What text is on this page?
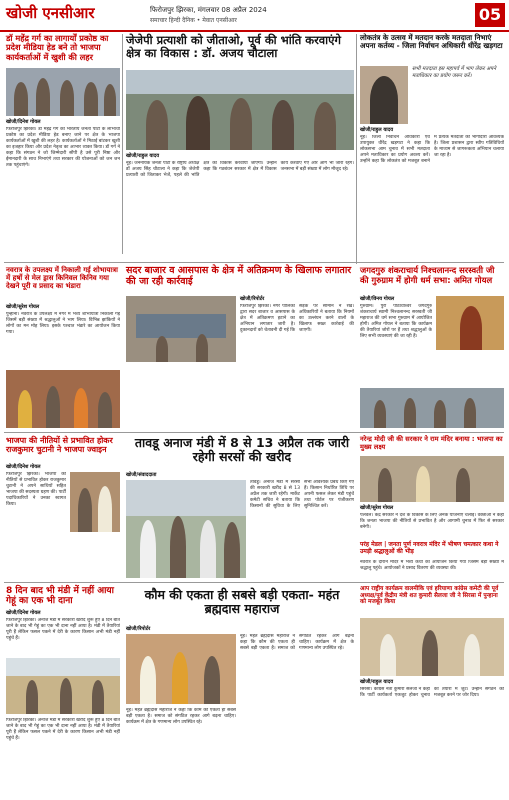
खोजी एनसीआर	फिरोजपुर झिरका, मंगलवार 08 अप्रैल 2024
समाचार हिन्दी दैनिक • मेवात एनसीआर	05
डॉ महेंद्र गर्ग का लागार्यों प्रकोष्ठ का प्रदेश मीडिया हेड बने तो भाजपा कार्यकर्ताओं में खुशी की लहर
खोजी/दिनेश गोयल
फिरोजपुर झिरका। डॉ महेंद्र गर्ग को भारतीय जनता पार्टी के लाभार्थी प्रकोष्ठ का प्रदेश मीडिया हेड बनाए जाने पर क्षेत्र के भाजपा कार्यकर्ताओं में खुशी की लहर है। कार्यकर्ताओं ने मिठाई बांटकर खुशी का इजहार किया और प्रदेश नेतृत्व का आभार व्यक्त किया। डॉ गर्ग ने कहा कि संगठन ने जो जिम्मेदारी सौंपी है उसे पूरी निष्ठा और ईमानदारी के साथ निभाएंगे तथा सरकार की योजनाओं को जन जन तक पहुंचाएंगे।
जेजेपी प्रत्याशी को जीताओ, पूर्व की भांति करवाएंगे क्षेत्र का विकास : डॉ. अजय चौटाला
खोजी/राहुल यादव
नूंह। जननायक जनता पार्टी के राष्ट्रीय अध्यक्ष डॉ अजय सिंह चौटाला ने कहा कि जेजेपी प्रत्याशी को जिताकर भेजें, पहले की भांति क्षेत्र का विकास करवाया जाएगा। उन्होंने कहा कि गठबंधन सरकार में क्षेत्र में विकास कार्य करवाए गए और आगे भी जारी रहेंगे। जनसभा में बड़ी संख्या में लोग मौजूद रहे।
लोकतंत्र के उत्सव में मतदान करके मतदाता निभाएं अपना कर्तव्य - जिला निर्वाचन अधिकारी धीरेंद्र खड़गटा
सभी मतदाता इस महापर्व में भाग लेकर अपने मताधिकार का प्रयोग जरूर करें।
खोजी/राहुल यादव
नूंह। जिला निर्वाचन अधिकारी एवं उपायुक्त धीरेंद्र खड़गटा ने कहा कि लोकसभा आम चुनाव में सभी मतदाता अपने मताधिकार का प्रयोग अवश्य करें। उन्होंने कहा कि लोकतंत्र को मजबूत बनाने में प्रत्येक मतदाता की भागीदारी आवश्यक है। जिला प्रशासन द्वारा स्वीप गतिविधियों के माध्यम से जागरूकता अभियान चलाया जा रहा है।
सदर बाजार व आसपास के क्षेत्र में अतिक्रमण के खिलाफ लगातार की जा रही कार्रवाई
खोजी/रिपोर्टर
फिरोजपुर झिरका। नगर पालिका द्वारा सदर बाजार व आसपास के क्षेत्र में अतिक्रमण हटाने का अभियान लगातार जारी है। दुकानदारों को चेतावनी दी गई कि सड़क पर सामान न रखें। अधिकारियों ने बताया कि नियमों का उल्लंघन करने वालों के खिलाफ सख्त कार्रवाई की जाएगी।
नवरात्र के उपलक्ष्य में निकाली गई शोभायात्रा में हर्षो से मेल ड्रास किनिवल किनिव गया देखने पूरी व प्रसाद का भंडारा
खोजी/सुरेश गोयल
पुन्हाना। नवरात्र के उपलक्ष्य में नगर में भव्य शोभायात्रा निकाली गई जिसमें बड़ी संख्या में श्रद्धालुओं ने भाग लिया। विभिन्न झांकियों ने लोगों का मन मोह लिया। इसके पश्चात भंडारे का आयोजन किया गया।
जगदगुरु शंकराचार्य निश्चलानन्द सरस्वती जी की गुरुग्राम में होगी धर्म सभा: अमित गोयल
खोजी/विनय गोयल
गुरुग्राम। पुरी पीठाधीश्वर जगदगुरु शंकराचार्य स्वामी निश्चलानन्द सरस्वती जी महाराज की धर्म सभा गुरुग्राम में आयोजित होगी। अमित गोयल ने बताया कि कार्यक्रम की तैयारियां जोरों पर हैं तथा श्रद्धालुओं के लिए सभी व्यवस्थाएं की जा रही हैं।
तावडू अनाज मंडी में 8 से 13 अप्रैल तक जारी रहेगी सरसों की खरीद
खोजी/संवाददाता
तावडू। अनाज मंडी में सरसों की सरकारी खरीद 8 से 13 अप्रैल तक जारी रहेगी। मार्केट कमेटी सचिव ने बताया कि किसानों की सुविधा के लिए सभी आवश्यक प्रबंध किए गए हैं। किसान निर्धारित तिथि पर अपनी फसल लेकर मंडी पहुंचें तथा पोर्टल पर पंजीकरण सुनिश्चित करें।
भाजपा की नीतियों से प्रभावित होकर राजकुमार चुटानी ने भाजपा ज्वाइन
खोजी/दिनेश गोयल
फिरोजपुर झिरका। भाजपा की नीतियों से प्रभावित होकर राजकुमार चुटानी ने अपने साथियों सहित भाजपा की सदस्यता ग्रहण की। पार्टी पदाधिकारियों ने उनका स्वागत किया।
नरेन्द्र मोदी जी की सरकार ने राम मंदिर बनाया : भाजपा का मुख्य लक्ष्य
खोजी/सुरेश गोयल
पलवल। केंद्र सरकार ने देश के विकास के लिए अनेक योजनाएं चलाईं। वक्ताओं ने कहा कि जनता भाजपा की नीतियों से प्रभावित है और आगामी चुनाव में फिर से सरकार बनेगी।
परंह मेडल | जनता पूर्ण नवरात्र मंदिर में भीषण चमत्कार कथा ने उमड़ी श्रद्धालुओं की भीड़
नवरात्र के दौरान मंदिर में भव्य कथा का आयोजन किया गया जिसमें बड़ी संख्या में श्रद्धालु पहुंचे। आयोजकों ने प्रसाद वितरण की व्यवस्था की।
8 दिन बाद भी मंडी में नहीं आया गेहूं का एक भी दाना
खोजी/दिनेश गोयल
फिरोजपुर झिरका। अनाज मंडी में सरकारी खरीद शुरू हुए 8 दिन बीत जाने के बाद भी गेहूं का एक भी दाना नहीं आया है। मंडी में तैयारियां पूरी हैं लेकिन फसल पकने में देरी के कारण किसान अभी मंडी नहीं पहुंचे हैं।
फिरोजपुर झिरका। अनाज मंडी में सरकारी खरीद शुरू हुए 8 दिन बीत जाने के बाद भी गेहूं का एक भी दाना नहीं आया है। मंडी में तैयारियां पूरी हैं लेकिन फसल पकने में देरी के कारण किसान अभी मंडी नहीं पहुंचे हैं।
कौम की एकता ही सबसे बड़ी एकता- महंत ब्रह्मदास महाराज
खोजी/रिपोर्टर
नूंह। महंत ब्रह्मदास महाराज ने कहा कि कौम की एकता ही सबसे बड़ी एकता है। समाज को संगठित रहकर आगे बढ़ना चाहिए। कार्यक्रम में क्षेत्र के गणमान्य लोग उपस्थित रहे।
नूंह। महंत ब्रह्मदास महाराज ने कहा कि कौम की एकता ही सबसे बड़ी एकता है। समाज को संगठित रहकर आगे बढ़ना चाहिए। कार्यक्रम में क्षेत्र के गणमान्य लोग उपस्थित रहे।
आप राष्ट्रीय कार्यक्रम वालमीकि एवं हरियाणा कांग्रेस कमेटी की पूर्व अध्यक्ष/पूर्व केंद्रीय मंत्री शत कुमारी सैलजा जी ने सिरसा में पुन्हाना को मजबूत किया
खोजी/राहुल यादव
सिरसा। कांग्रेस नेता कुमारी सैलजा ने कहा कि पार्टी कार्यकर्ता एकजुट होकर चुनाव की तैयारी में जुटें। उन्होंने संगठन को मजबूत करने पर जोर दिया।
